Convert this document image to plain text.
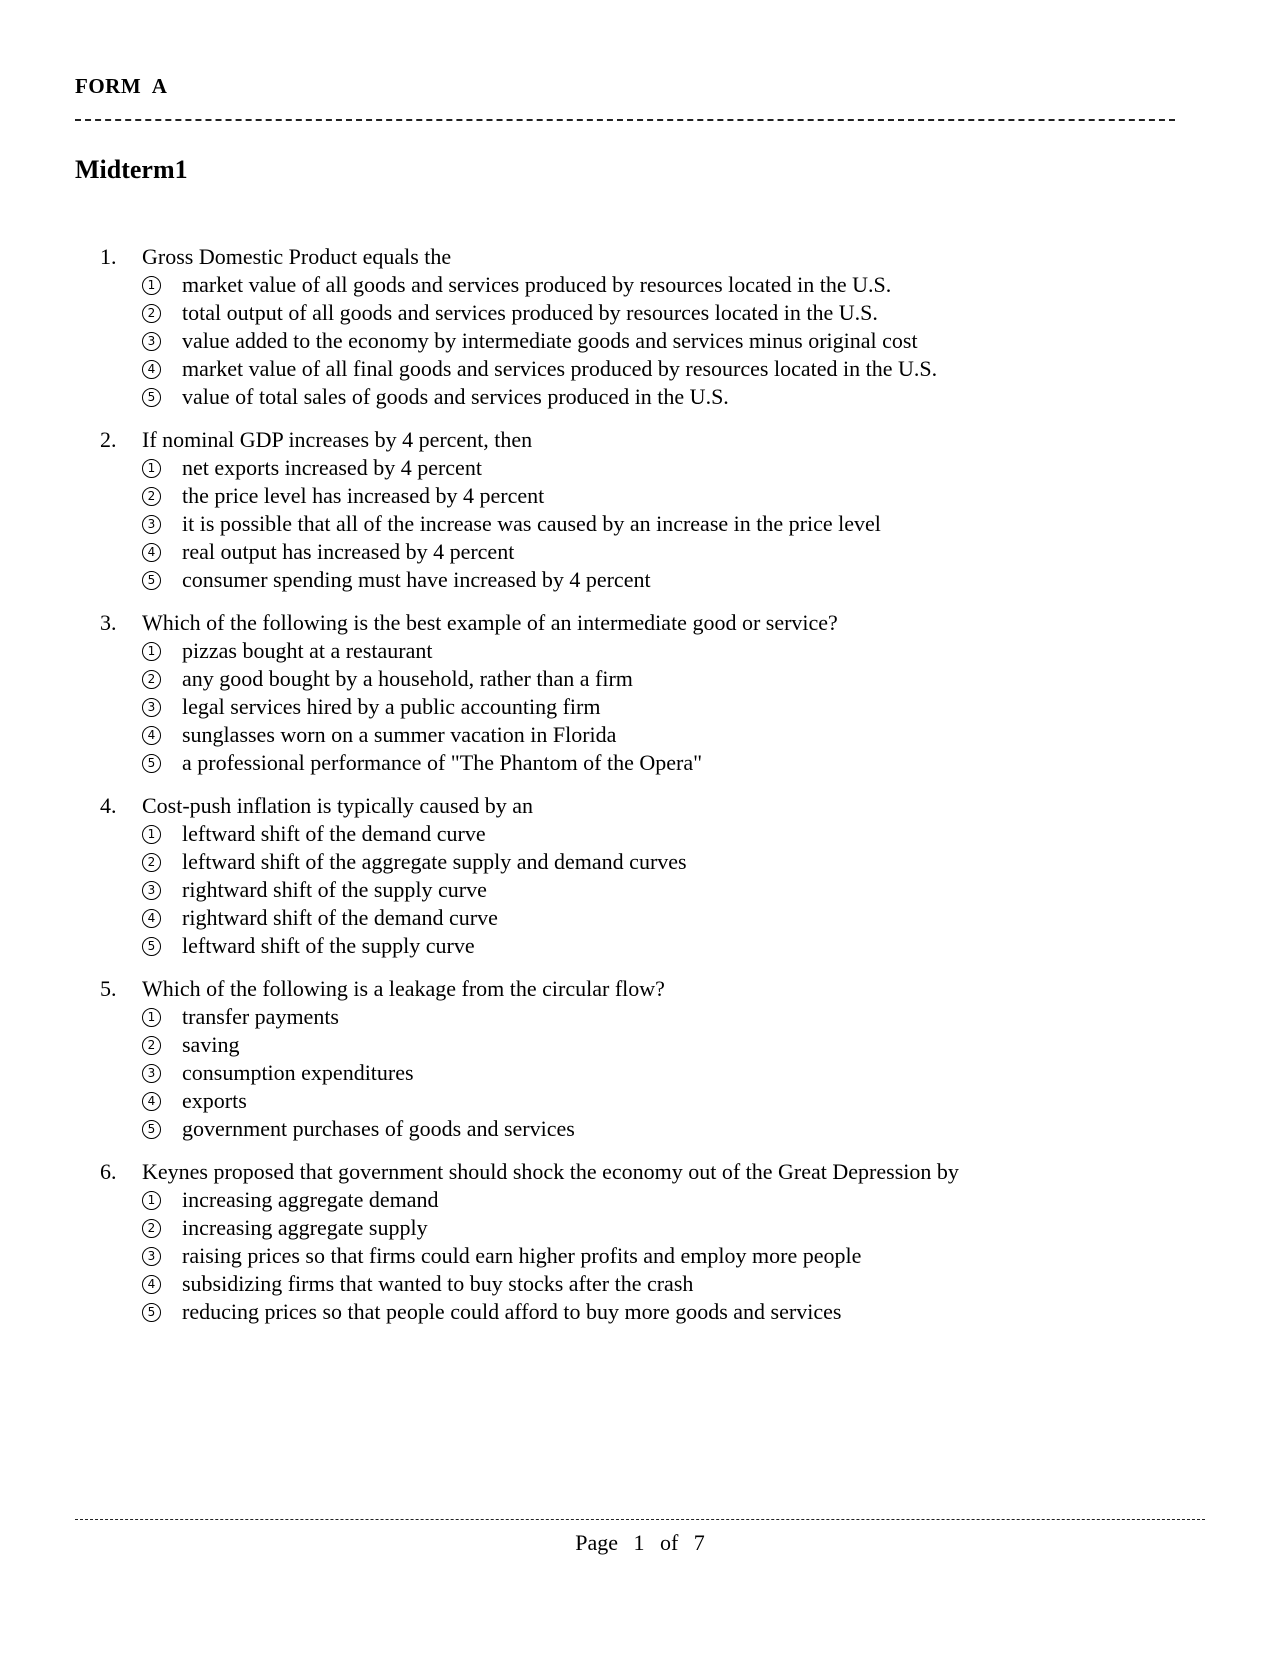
FORM A
Midterm1
1.	Gross Domestic Product equals the
1 market value of all goods and services produced by resources located in the U.S.
2 total output of all goods and services produced by resources located in the U.S.
3 value added to the economy by intermediate goods and services minus original cost
4 market value of all final goods and services produced by resources located in the U.S.
5 value of total sales of goods and services produced in the U.S.
2.	If nominal GDP increases by 4 percent, then
1 net exports increased by 4 percent
2 the price level has increased by 4 percent
3 it is possible that all of the increase was caused by an increase in the price level
4 real output has increased by 4 percent
5 consumer spending must have increased by 4 percent
3.	Which of the following is the best example of an intermediate good or service?
1 pizzas bought at a restaurant
2 any good bought by a household, rather than a firm
3 legal services hired by a public accounting firm
4 sunglasses worn on a summer vacation in Florida
5 a professional performance of "The Phantom of the Opera"
4.	Cost-push inflation is typically caused by an
1 leftward shift of the demand curve
2 leftward shift of the aggregate supply and demand curves
3 rightward shift of the supply curve
4 rightward shift of the demand curve
5 leftward shift of the supply curve
5.	Which of the following is a leakage from the circular flow?
1 transfer payments
2 saving
3 consumption expenditures
4 exports
5 government purchases of goods and services
6.	Keynes proposed that government should shock the economy out of the Great Depression by
1 increasing aggregate demand
2 increasing aggregate supply
3 raising prices so that firms could earn higher profits and employ more people
4 subsidizing firms that wanted to buy stocks after the crash
5 reducing prices so that people could afford to buy more goods and services
Page 1 of 7
